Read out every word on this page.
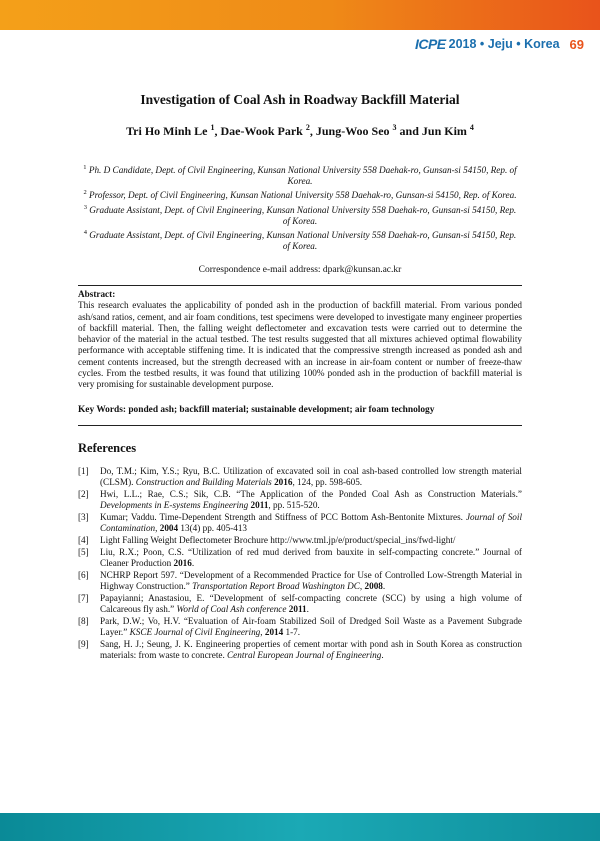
ICPE 2018 • Jeju • Korea 69
Investigation of Coal Ash in Roadway Backfill Material
Tri Ho Minh Le $^1$, Dae-Wook Park $^2$, Jung-Woo Seo $^3$ and Jun Kim $^4$

$^1$ Ph. D Candidate, Dept. of Civil Engineering, Kunsan National University 558 Daehak-ro, Gunsan-si 54150, Rep. of Korea.

$^2$ Professor, Dept. of Civil Engineering, Kunsan National University 558 Daehak-ro, Gunsan-si 54150, Rep. of Korea.

$^3$ Graduate Assistant, Dept. of Civil Engineering, Kunsan National University 558 Daehak-ro, Gunsan-si 54150, Rep. of Korea.

$^4$ Graduate Assistant, Dept. of Civil Engineering, Kunsan National University 558 Daehak-ro, Gunsan-si 54150, Rep. of Korea.

Correspondence e-mail address: dpark@kunsan.ac.kr
Abstract:
This research evaluates the applicability of ponded ash in the production of backfill material. From various ponded ash/sand ratios, cement, and air foam conditions, test specimens were developed to investigate many engineer properties of backfill material. Then, the falling weight deflectometer and excavation tests were carried out to determine the behavior of the material in the actual testbed. The test results suggested that all mixtures achieved optimal flowability performance with acceptable stiffening time. It is indicated that the compressive strength increased as ponded ash and cement contents increased, but the strength decreased with an increase in air-foam content or number of freeze-thaw cycles. From the testbed results, it was found that utilizing 100% ponded ash in the production of backfill material is very promising for sustainable development purpose.
Key Words: ponded ash; backfill material; sustainable development; air foam technology
References
[1]	Do, T.M.; Kim, Y.S.; Ryu, B.C. Utilization of excavated soil in coal ash-based controlled low strength material (CLSM). Construction and Building Materials 2016, 124, pp. 598-605.
[2]	Hwi, L.L.; Rae, C.S.; Sik, C.B. “The Application of the Ponded Coal Ash as Construction Materials.” Developments in E-systems Engineering 2011, pp. 515-520.
[3]	Kumar; Vaddu. Time-Dependent Strength and Stiffness of PCC Bottom Ash-Bentonite Mixtures. Journal of Soil Contamination, 2004 13(4) pp. 405-413
[4]	Light Falling Weight Deflectometer Brochure http://www.tml.jp/e/product/special_ins/fwd-light/
[5]	Liu, R.X.; Poon, C.S. “Utilization of red mud derived from bauxite in self-compacting concrete.” Journal of Cleaner Production 2016.
[6]	NCHRP Report 597. “Development of a Recommended Practice for Use of Controlled Low-Strength Material in Highway Construction.” Transportation Report Broad Washington DC, 2008.
[7]	Papayianni; Anastasiou, E. “Development of self-compacting concrete (SCC) by using a high volume of Calcareous fly ash.” World of Coal Ash conference 2011.
[8]	Park, D.W.; Vo, H.V. “Evaluation of Air-foam Stabilized Soil of Dredged Soil Waste as a Pavement Subgrade Layer.” KSCE Journal of Civil Engineering, 2014 1-7.
[9]	Sang, H. J.; Seung, J. K. Engineering properties of cement mortar with pond ash in South Korea as construction materials: from waste to concrete. Central European Journal of Engineering.
